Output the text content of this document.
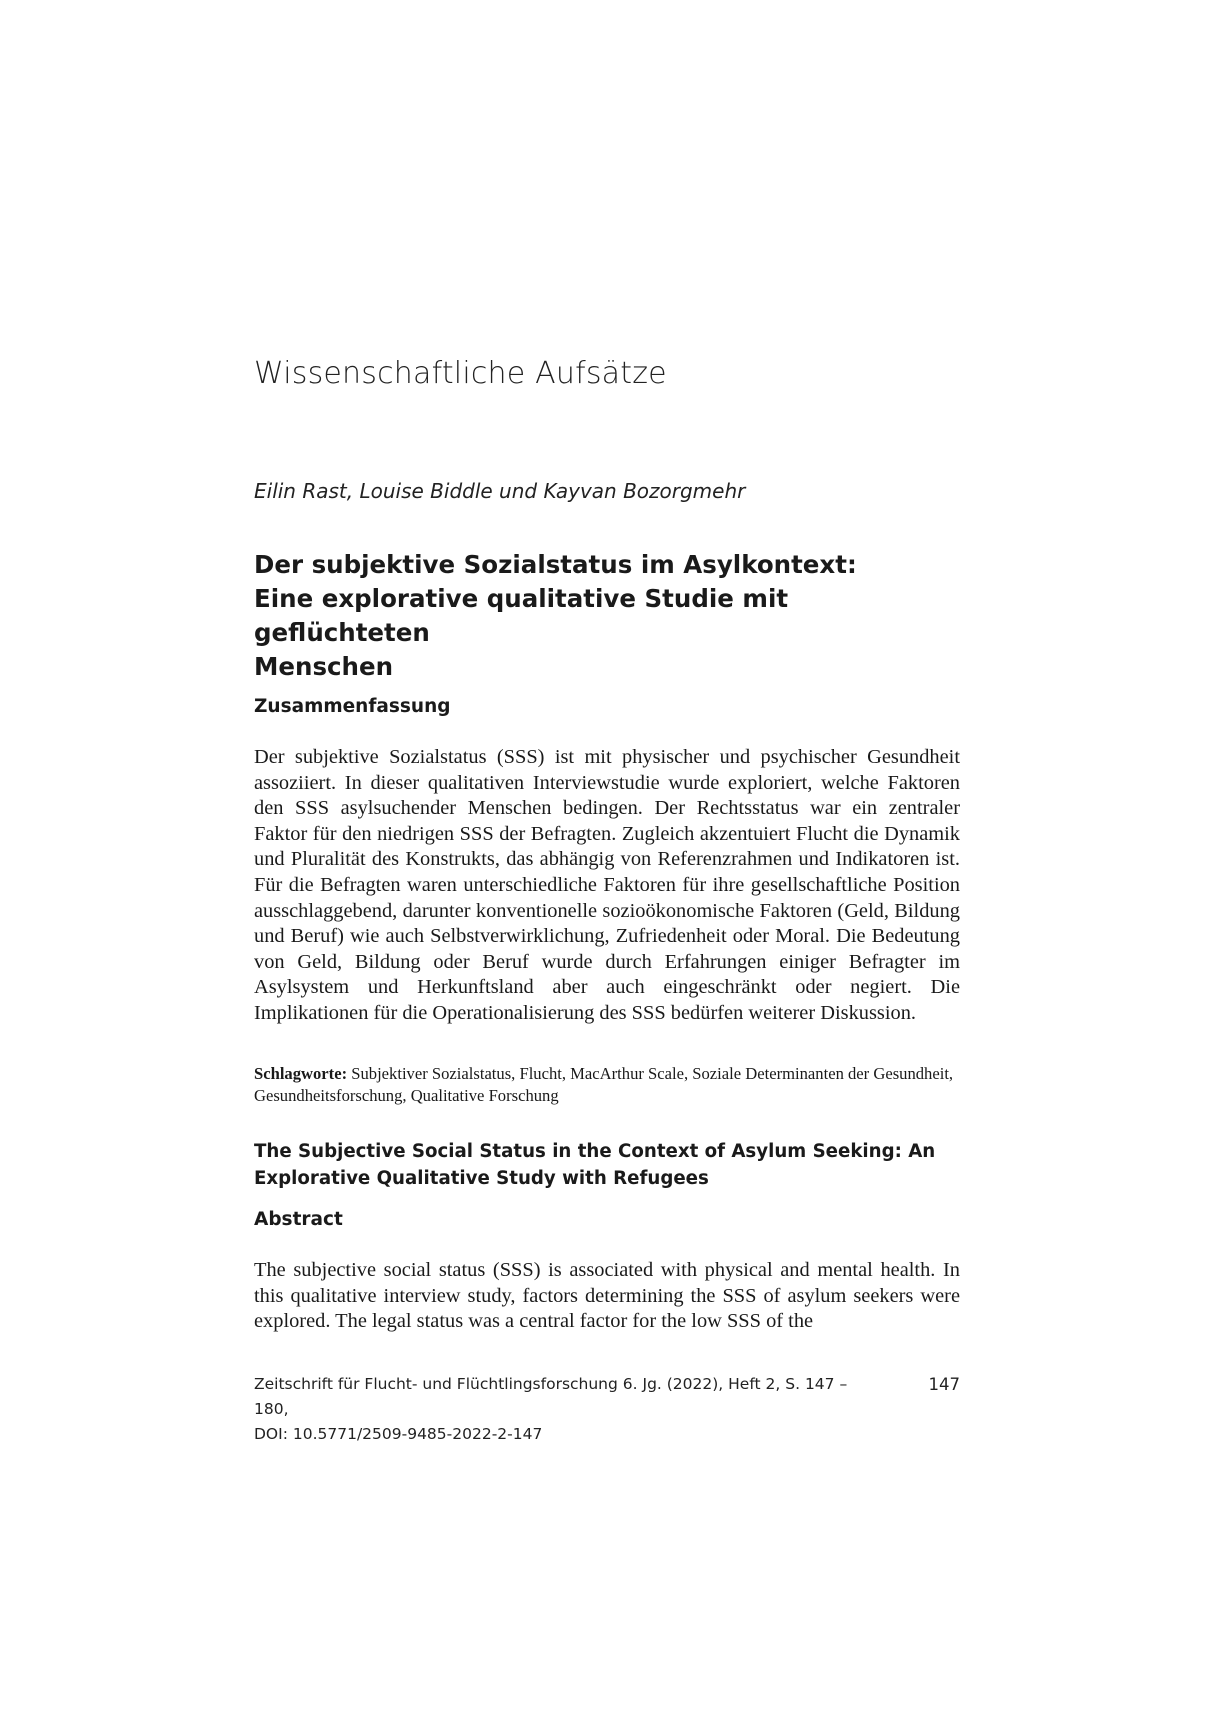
Wissenschaftliche Aufsätze

Eilin Rast, Louise Biddle und Kayvan Bozorgmehr

Der subjektive Sozialstatus im Asylkontext:
Eine explorative qualitative Studie mit geflüchteten
Menschen
Zusammenfassung

Der subjektive Sozialstatus (SSS) ist mit physischer und psychischer Gesundheit assoziiert. In dieser qualitativen Interviewstudie wurde exploriert, welche Faktoren den SSS asylsuchender Menschen bedingen. Der Rechtsstatus war ein zentraler Faktor für den niedrigen SSS der Befragten. Zugleich akzentuiert Flucht die Dynamik und Pluralität des Konstrukts, das abhängig von Referenzrahmen und Indikatoren ist. Für die Befragten waren unterschiedliche Faktoren für ihre gesellschaftliche Position ausschlaggebend, darunter konventionelle sozioökonomische Faktoren (Geld, Bildung und Beruf) wie auch Selbstverwirklichung, Zufriedenheit oder Moral. Die Bedeutung von Geld, Bildung oder Beruf wurde durch Erfahrungen einiger Befragter im Asylsystem und Herkunftsland aber auch eingeschränkt oder negiert. Die Implikationen für die Operationalisierung des SSS bedürfen weiterer Diskussion.

Schlagworte: Subjektiver Sozialstatus, Flucht, MacArthur Scale, Soziale Determinanten der Gesundheit, Gesundheitsforschung, Qualitative Forschung

The Subjective Social Status in the Context of Asylum Seeking: An
Explorative Qualitative Study with Refugees
Abstract

The subjective social status (SSS) is associated with physical and mental health. In this qualitative interview study, factors determining the SSS of asylum seekers were explored. The legal status was a central factor for the low SSS of the

Zeitschrift für Flucht- und Flüchtlingsforschung 6. Jg. (2022), Heft 2, S. 147 – 180,
DOI: 10.5771/2509-9485-2022-2-147
147
